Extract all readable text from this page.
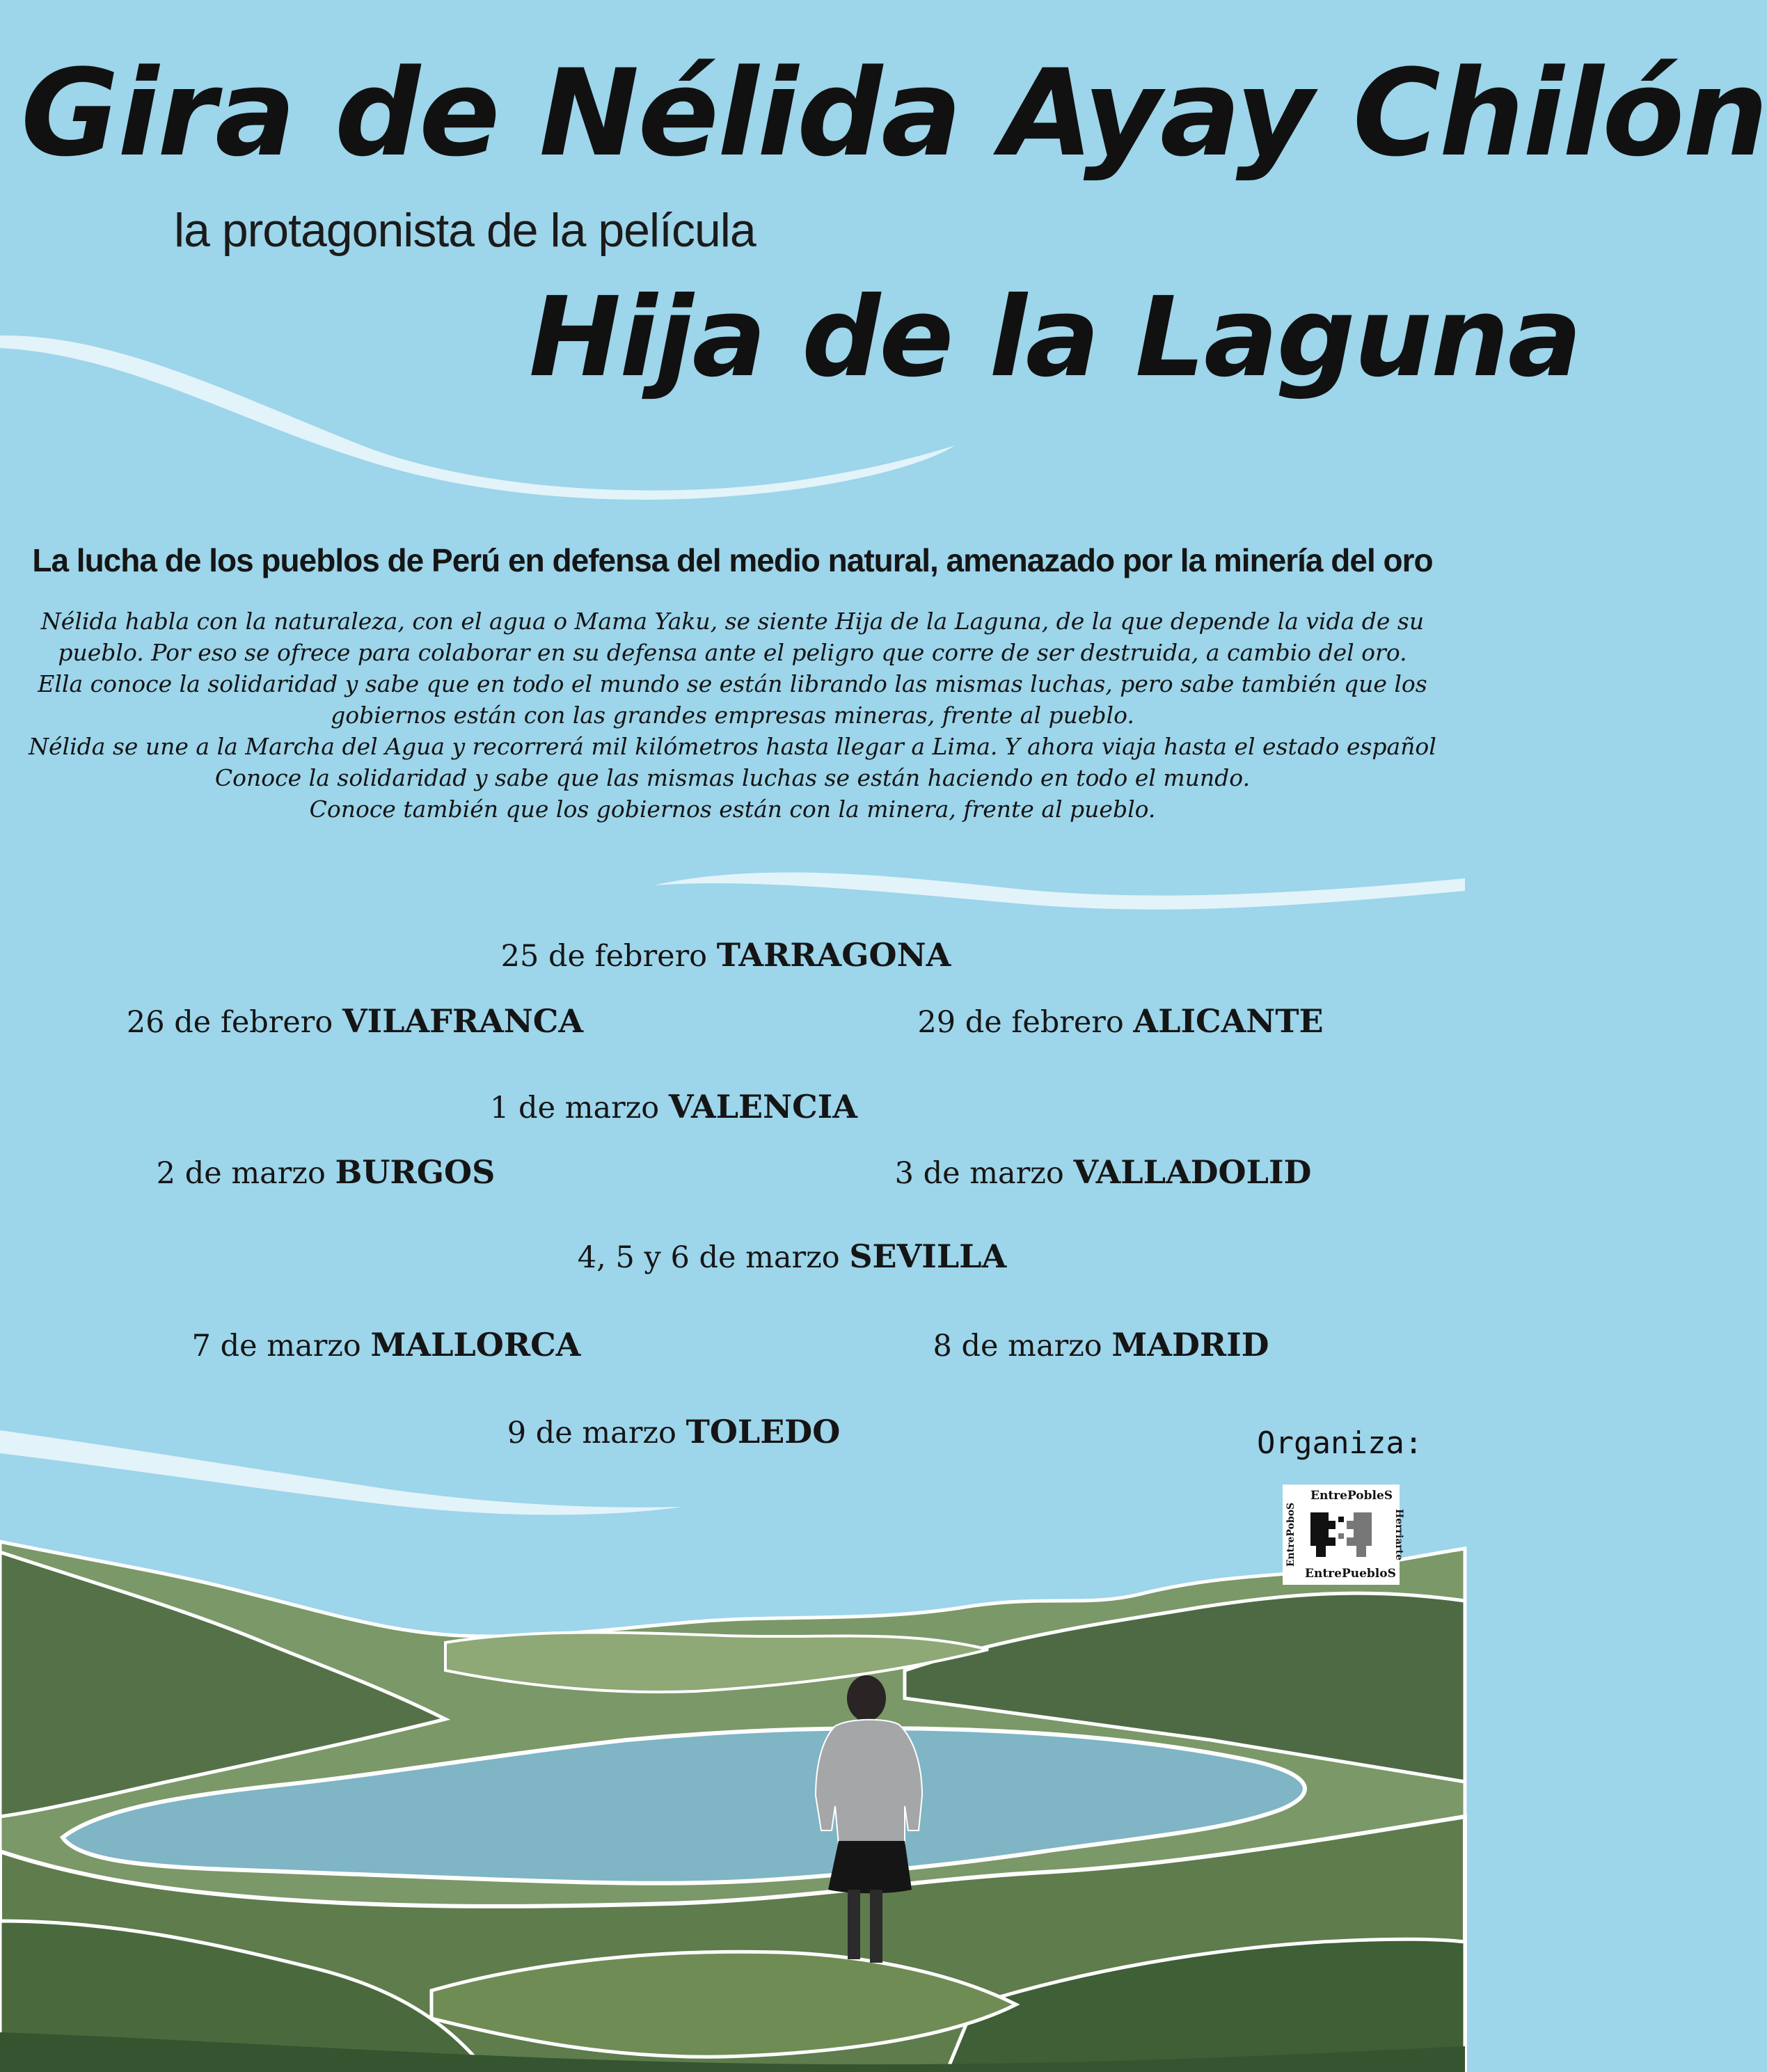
Gira de Nélida Ayay Chilón
la protagonista de la película
Hija de la Laguna
La lucha de los pueblos de Perú en defensa del medio natural, amenazado por la minería del oro
Nélida habla con la naturaleza, con el agua o Mama Yaku, se siente Hija de la Laguna, de la que depende la vida de su
pueblo. Por eso se ofrece para colaborar en su defensa ante el peligro que corre de ser destruida, a cambio del oro.
Ella conoce la solidaridad y sabe que en todo el mundo se están librando las mismas luchas, pero sabe también que los
gobiernos están con las grandes empresas mineras, frente al pueblo.
Nélida se une a la Marcha del Agua y recorrerá mil kilómetros hasta llegar a Lima. Y ahora viaja hasta el estado español
Conoce la solidaridad y sabe que las mismas luchas se están haciendo en todo el mundo.
Conoce también que los gobiernos están con la minera, frente al pueblo.
25 de febrero TARRAGONA
26 de febrero VILAFRANCA	29 de febrero ALICANTE
1 de marzo VALENCIA
2 de marzo BURGOS	3 de marzo VALLADOLID
4, 5 y 6 de marzo SEVILLA
7 de marzo MALLORCA	8 de marzo MADRID
9 de marzo TOLEDO	Organiza:
EntrePobleS
EntrePuebloS
EntrePoboS	Herriarte
